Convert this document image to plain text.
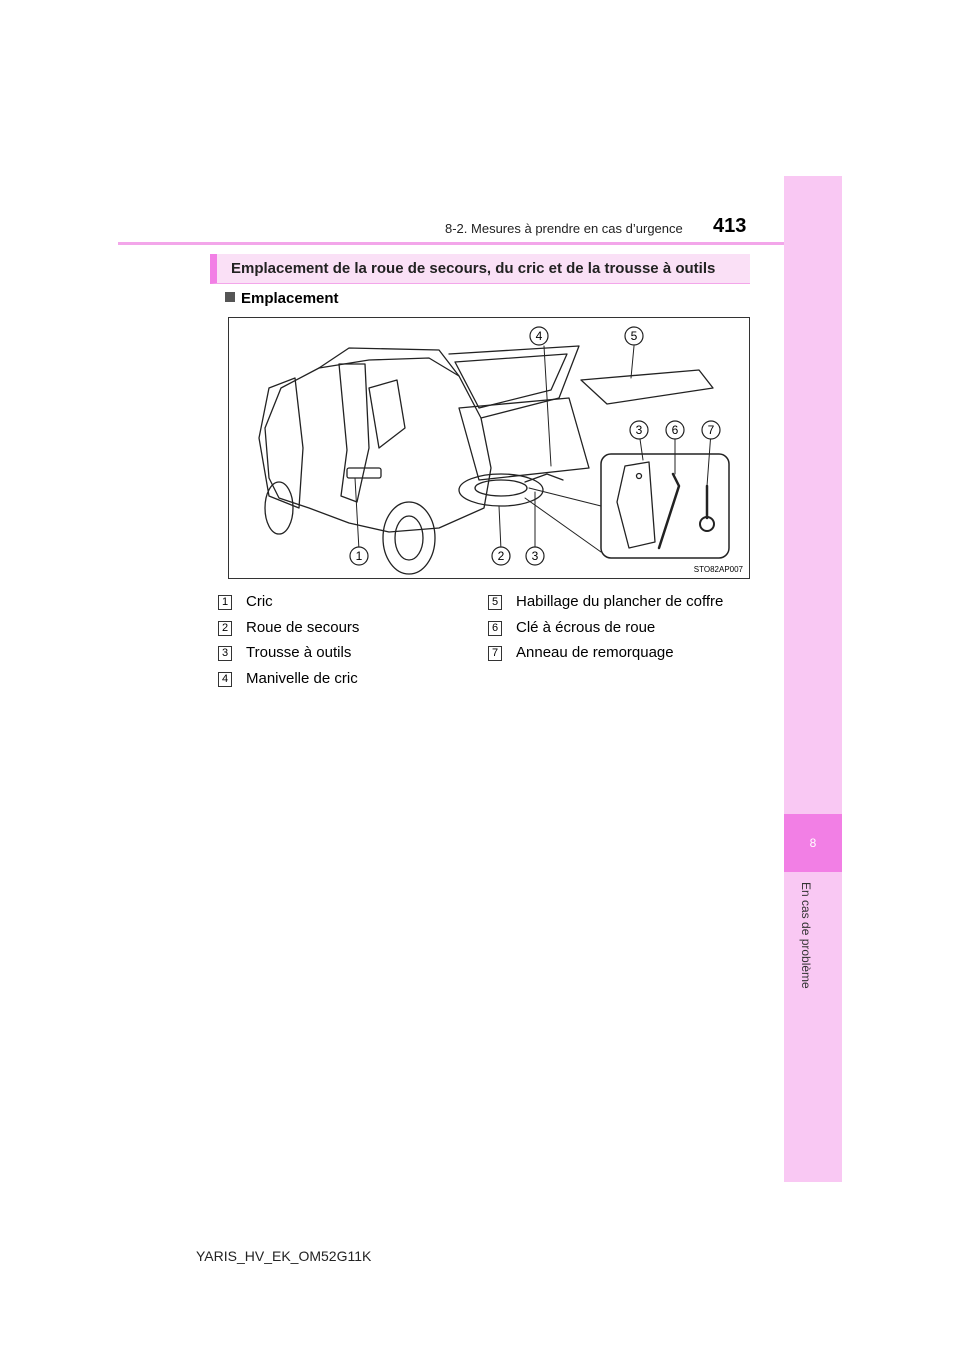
8-2. Mesures à prendre en cas d’urgence 413
8
En cas de problème
Emplacement de la roue de secours, du cric et de la trousse à outils
Emplacement
4	5
3 6 7
1	2 3
STO82AP007
1 Cric
2 Roue de secours
3 Trousse à outils
4 Manivelle de cric
5 Habillage du plancher de coffre
6 Clé à écrous de roue
7 Anneau de remorquage
YARIS_HV_EK_OM52G11K
